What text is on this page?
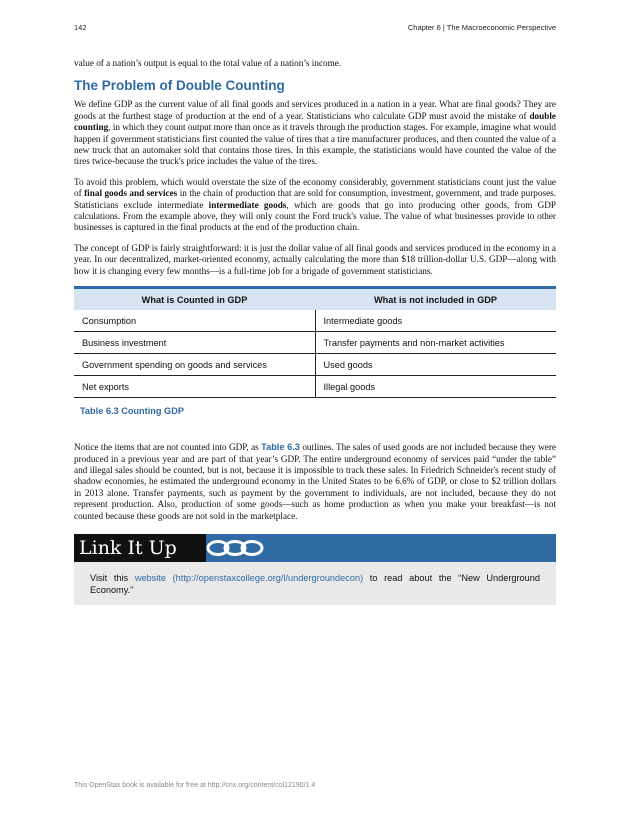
142	Chapter 6 | The Macroeconomic Perspective

value of a nation’s output is equal to the total value of a nation’s income.

The Problem of Double Counting

We define GDP as the current value of all final goods and services produced in a nation in a year. What are final goods? They are goods at the furthest stage of production at the end of a year. Statisticians who calculate GDP must avoid the mistake of double counting, in which they count output more than once as it travels through the production stages. For example, imagine what would happen if government statisticians first counted the value of tires that a tire manufacturer produces, and then counted the value of a new truck that an automaker sold that contains those tires. In this example, the statisticians would have counted the value of the tires twice-because the truck's price includes the value of the tires.

To avoid this problem, which would overstate the size of the economy considerably, government statisticians count just the value of final goods and services in the chain of production that are sold for consumption, investment, government, and trade purposes. Statisticians exclude intermediate intermediate goods, which are goods that go into producing other goods, from GDP calculations. From the example above, they will only count the Ford truck's value. The value of what businesses provide to other businesses is captured in the final products at the end of the production chain.

The concept of GDP is fairly straightforward: it is just the dollar value of all final goods and services produced in the economy in a year. In our decentralized, market-oriented economy, actually calculating the more than $18 trillion-dollar U.S. GDP—along with how it is changing every few months—is a full-time job for a brigade of government statisticians.

What is Counted in GDP	What is not included in GDP
Consumption	Intermediate goods
Business investment	Transfer payments and non-market activities
Government spending on goods and services	Used goods
Net exports	Illegal goods
Table 6.3 Counting GDP

Notice the items that are not counted into GDP, as Table 6.3 outlines. The sales of used goods are not included because they were produced in a previous year and are part of that year’s GDP. The entire underground economy of services paid “under the table” and illegal sales should be counted, but is not, because it is impossible to track these sales. In Friedrich Schneider's recent study of shadow economies, he estimated the underground economy in the United States to be 6.6% of GDP, or close to $2 trillion dollars in 2013 alone. Transfer payments, such as payment by the government to individuals, are not included, because they do not represent production. Also, production of some goods—such as home production as when you make your breakfast—is not counted because these goods are not sold in the marketplace.

Link It Up
Visit this website (http://openstaxcollege.org/l/undergroundecon) to read about the “New Underground Economy.”
This OpenStax book is available for free at http://cnx.org/content/col12190/1.4
